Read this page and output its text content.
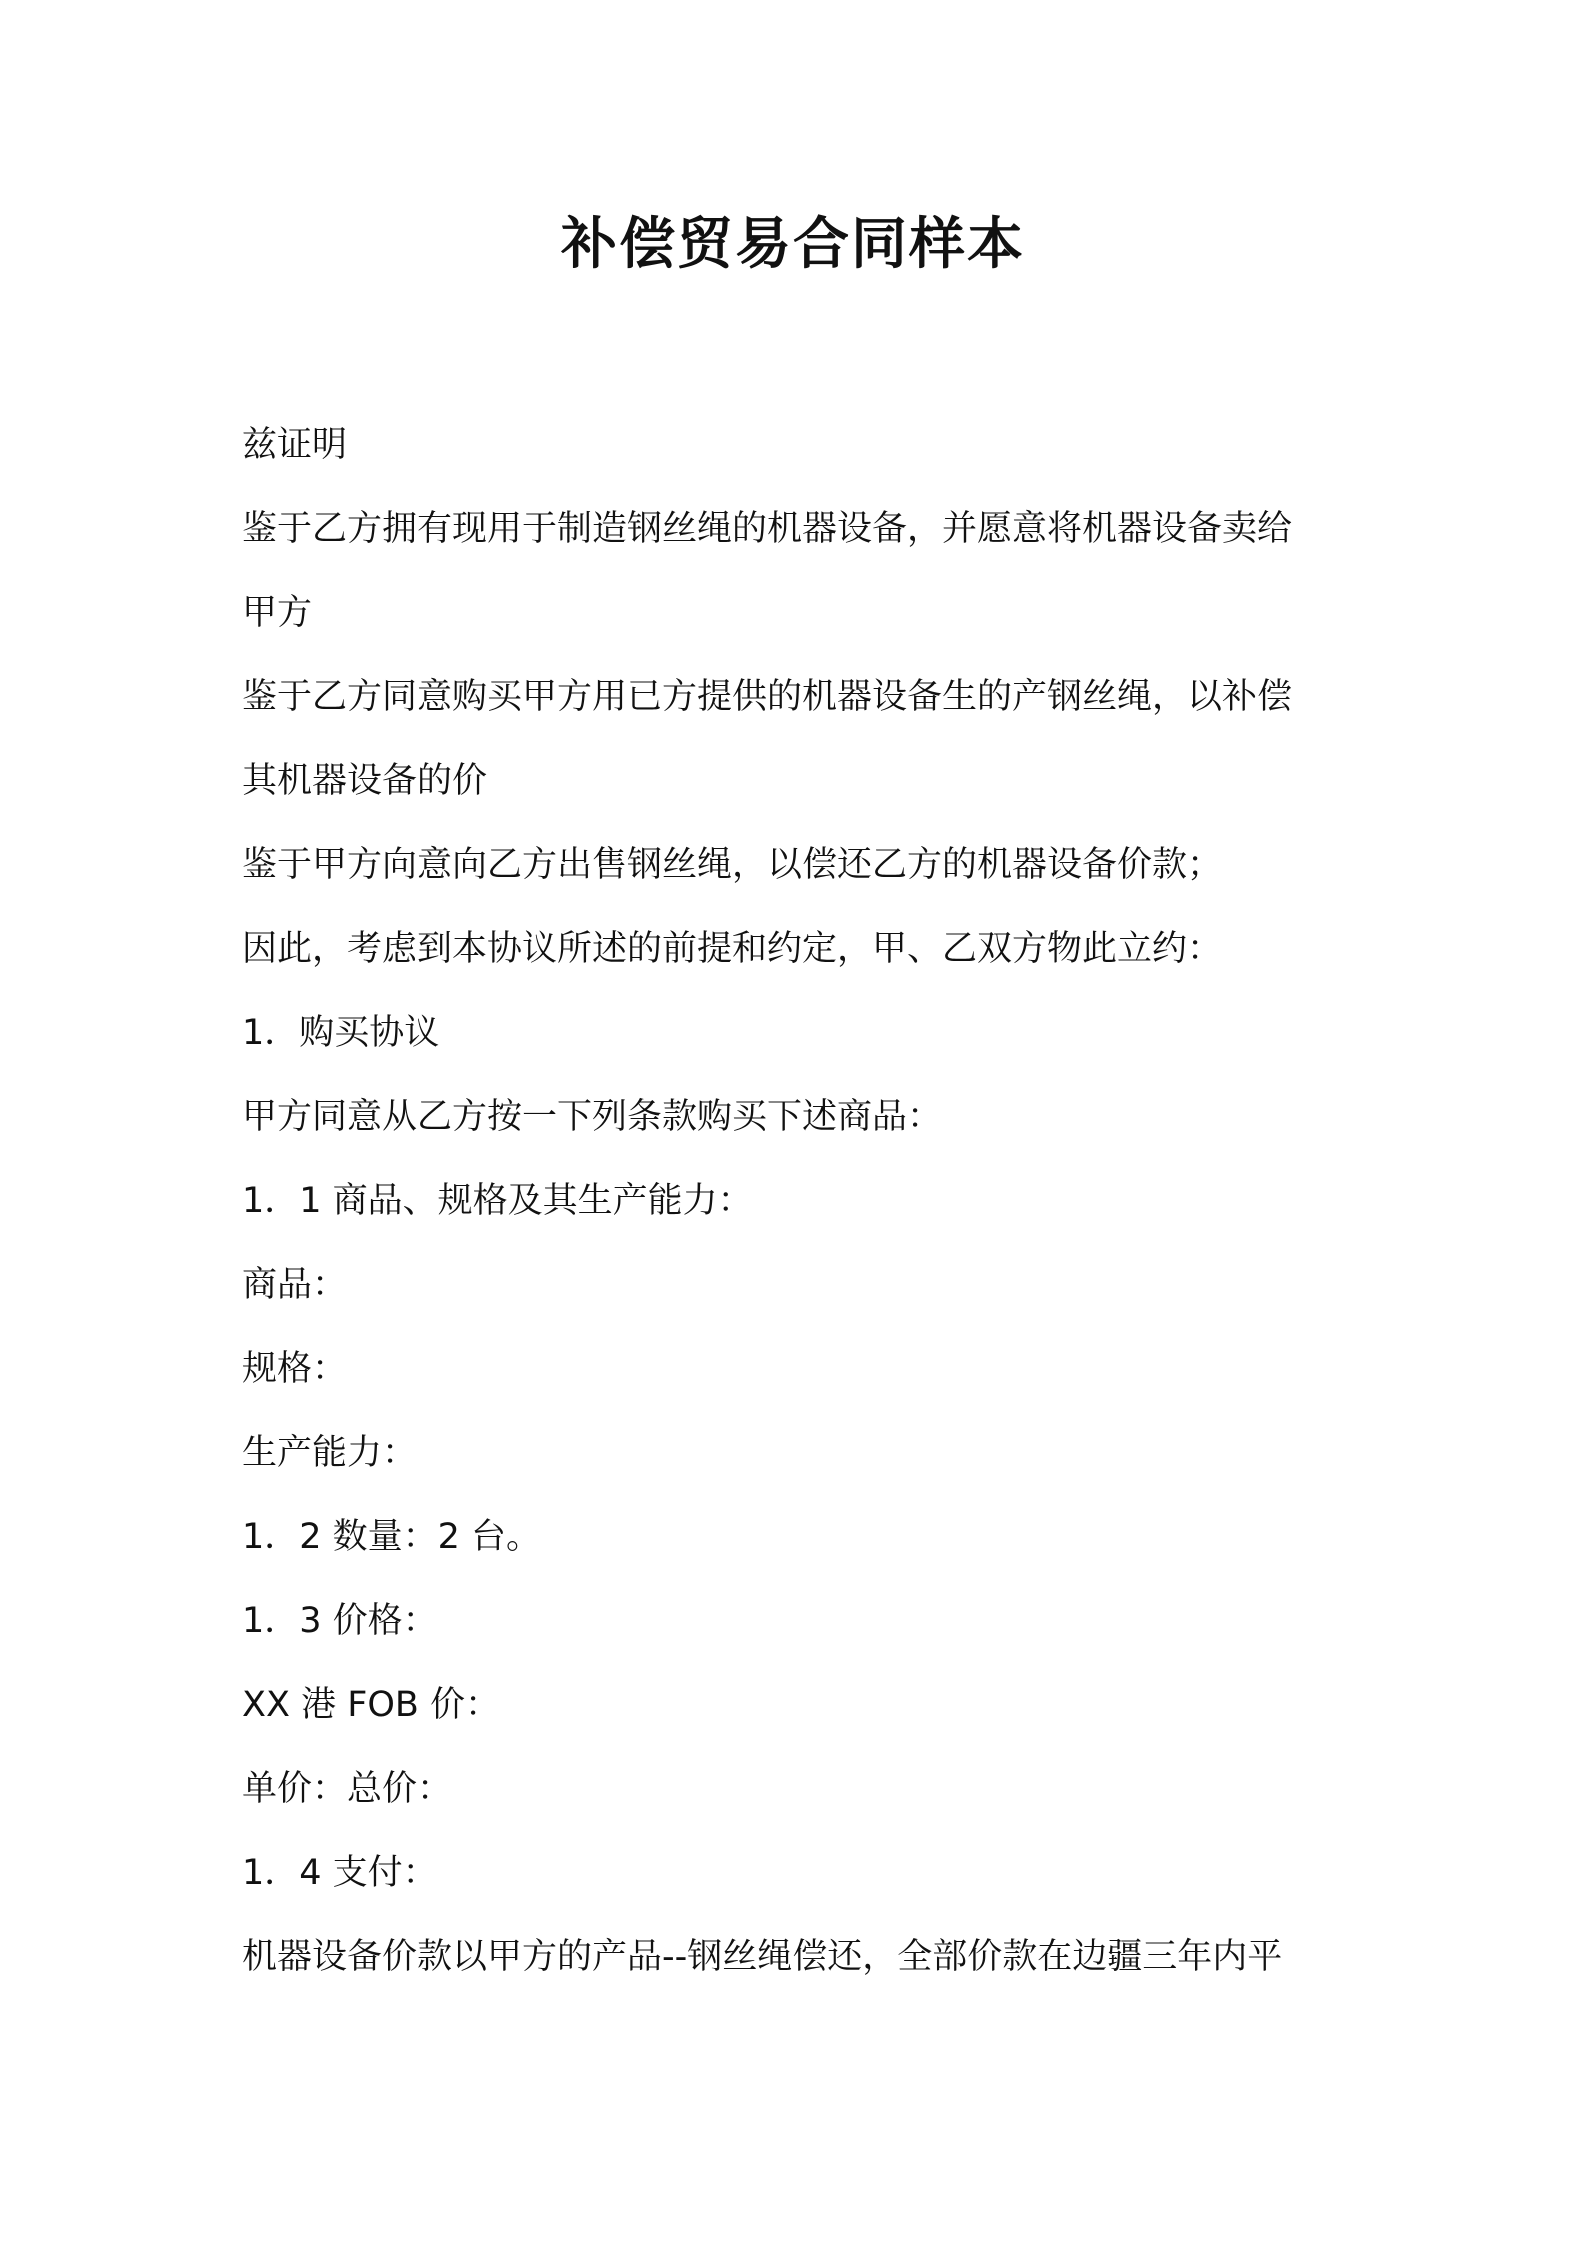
补偿贸易合同样本
兹证明
鉴于乙方拥有现用于制造钢丝绳的机器设备，并愿意将机器设备卖给
甲方
鉴于乙方同意购买甲方用已方提供的机器设备生的产钢丝绳，以补偿
其机器设备的价
鉴于甲方向意向乙方出售钢丝绳，以偿还乙方的机器设备价款；
因此，考虑到本协议所述的前提和约定，甲、乙双方物此立约：
1．购买协议
甲方同意从乙方按一下列条款购买下述商品：
1．1 商品、规格及其生产能力：
商品：
规格：
生产能力：
1．2 数量：2 台。
1．3 价格：
XX 港 FOB 价：
单价：总价：
1．4 支付：
机器设备价款以甲方的产品--钢丝绳偿还，全部价款在边疆三年内平
